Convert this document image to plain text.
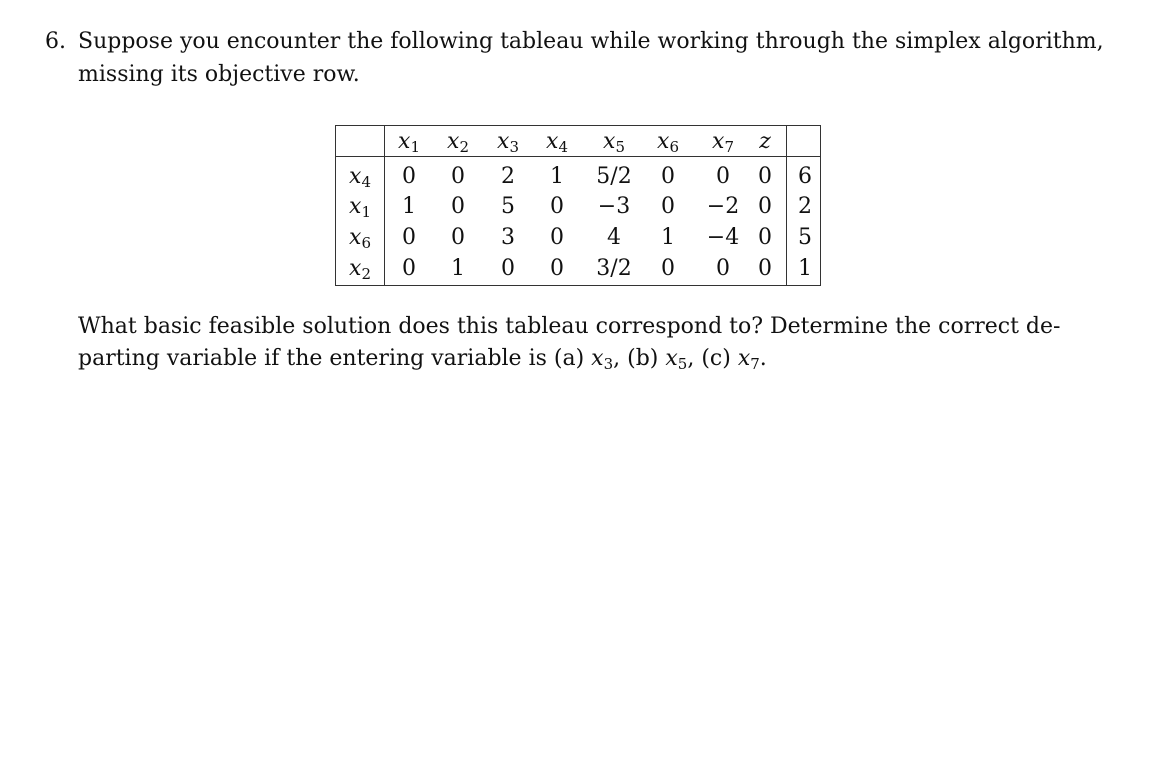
6. Suppose you encounter the following tableau while working through the simplex algorithm,
missing its objective row.
$x_1$ $x_2$ $x_3$ $x_4$ $x_5$ $x_6$ $x_7$ z
$x_4$ 0 0 2 1 5/2 0 0 0 6
$x_1$ 1 0 5 0 −3 0 −2 0 2
$x_6$ 0 0 3 0 4 1 −4 0 5
$x_2$ 0 1 0 0 3/2 0 0 0 1
What basic feasible solution does this tableau correspond to? Determine the correct de-
parting variable if the entering variable is (a) $x_3$, (b) $x_5$, (c) $x_7$.
